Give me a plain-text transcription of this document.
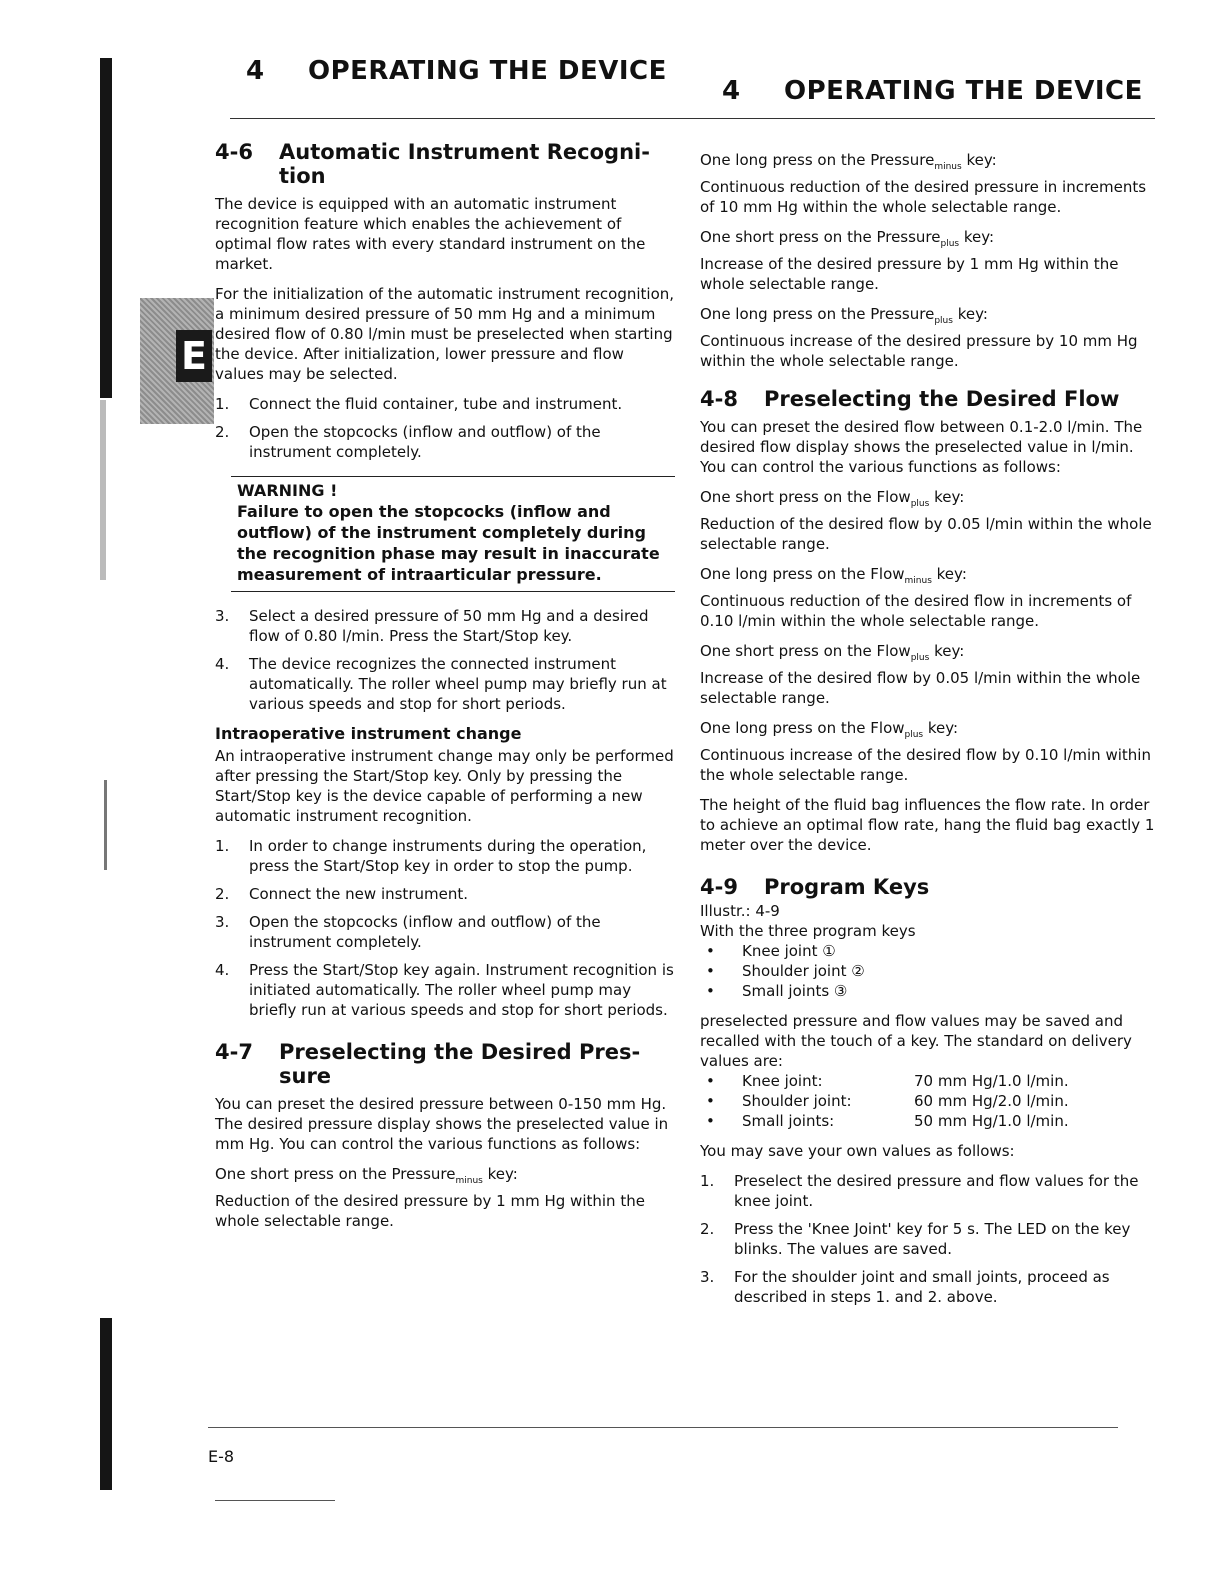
E
4 OPERATING THE DEVICE
4 OPERATING THE DEVICE
4-6	Automatic Instrument Recogni-tion

The device is equipped with an automatic instrument recognition feature which enables the achievement of optimal flow rates with every standard instrument on the market.

For the initialization of the automatic instrument recognition, a minimum desired pressure of 50 mm Hg and a minimum desired flow of 0.80 l/min must be preselected when starting the device. After initialization, lower pressure and flow values may be selected.

1.	Connect the fluid container, tube and instrument.
2.	Open the stopcocks (inflow and outflow) of the instrument completely.
WARNING !
Failure to open the stopcocks (inflow and outflow) of the instrument completely during the recognition phase may result in inaccurate measurement of intraarticular pressure.
3.	Select a desired pressure of 50 mm Hg and a desired flow of 0.80 l/min. Press the Start/Stop key.
4.	The device recognizes the connected instrument automatically. The roller wheel pump may briefly run at various speeds and stop for short periods.
Intraoperative instrument change

An intraoperative instrument change may only be performed after pressing the Start/Stop key. Only by pressing the Start/Stop key is the device capable of performing a new automatic instrument recognition.

1.	In order to change instruments during the operation, press the Start/Stop key in order to stop the pump.
2.	Connect the new instrument.
3.	Open the stopcocks (inflow and outflow) of the instrument completely.
4.	Press the Start/Stop key again. Instrument recognition is initiated automatically. The roller wheel pump may briefly run at various speeds and stop for short periods.
4-7	Preselecting the Desired Pres-sure

You can preset the desired pressure between 0-150 mm Hg. The desired pressure display shows the preselected value in mm Hg. You can control the various functions as follows:

One short press on the Pressure$_{minus}$ key:
Reduction of the desired pressure by 1 mm Hg within the whole selectable range.
One long press on the Pressure$_{minus}$ key:
Continuous reduction of the desired pressure in increments of 10 mm Hg within the whole selectable range.
One short press on the Pressure$_{plus}$ key:
Increase of the desired pressure by 1 mm Hg within the whole selectable range.
One long press on the Pressure$_{plus}$ key:
Continuous increase of the desired pressure by 10 mm Hg within the whole selectable range.
4-8	Preselecting the Desired Flow

You can preset the desired flow between 0.1-2.0 l/min. The desired flow display shows the preselected value in l/min. You can control the various functions as follows:

One short press on the Flow$_{plus}$ key:
Reduction of the desired flow by 0.05 l/min within the whole selectable range.
One long press on the Flow$_{minus}$ key:
Continuous reduction of the desired flow in increments of 0.10 l/min within the whole selectable range.
One short press on the Flow$_{plus}$ key:
Increase of the desired flow by 0.05 l/min within the whole selectable range.
One long press on the Flow$_{plus}$ key:
Continuous increase of the desired flow by 0.10 l/min within the whole selectable range.

The height of the fluid bag influences the flow rate. In order to achieve an optimal flow rate, hang the fluid bag exactly 1 meter over the device.

4-9	Program Keys
Illustr.: 4-9
With the three program keys
•	Knee joint ①
•	Shoulder joint ②
•	Small joints ③
preselected pressure and flow values may be saved and recalled with the touch of a key. The standard on delivery values are:
•	Knee joint:	70 mm Hg/1.0 l/min.
•	Shoulder joint:	60 mm Hg/2.0 l/min.
•	Small joints:	50 mm Hg/1.0 l/min.

You may save your own values as follows:

1.	Preselect the desired pressure and flow values for the knee joint.
2.	Press the 'Knee Joint' key for 5 s. The LED on the key blinks. The values are saved.
3.	For the shoulder joint and small joints, proceed as described in steps 1. and 2. above.
E-8
